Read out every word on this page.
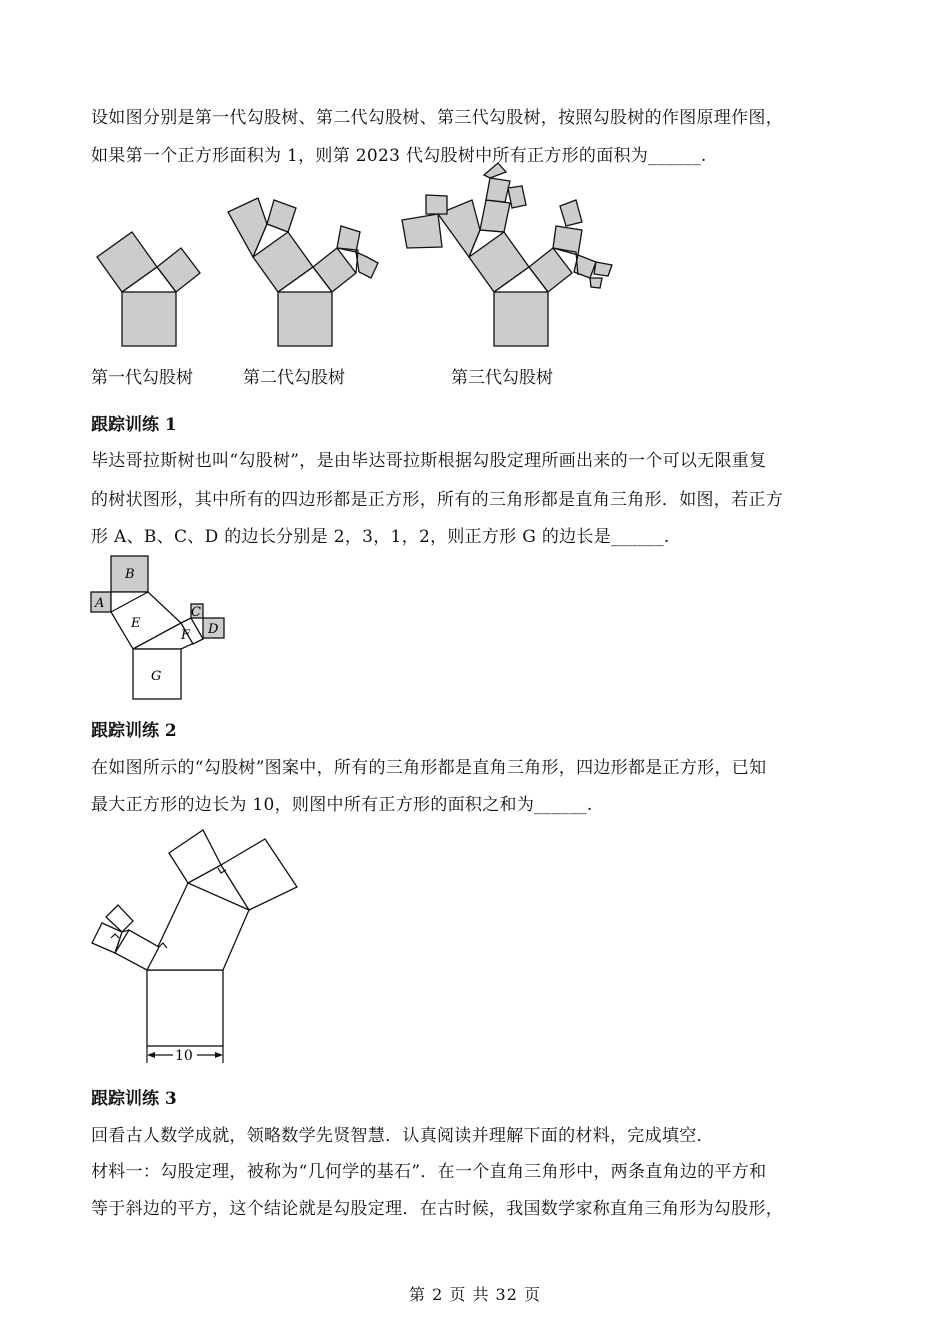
设如图分别是第一代勾股树、第二代勾股树、第三代勾股树，按照勾股树的作图原理作图，
如果第一个正方形面积为 1，则第 2023 代勾股树中所有正方形的面积为______.
第一代勾股树	第二代勾股树	第三代勾股树
跟踪训练 1
毕达哥拉斯树也叫“勾股树”，是由毕达哥拉斯根据勾股定理所画出来的一个可以无限重复
的树状图形，其中所有的四边形都是正方形，所有的三角形都是直角三角形．如图，若正方
形 A、B、C、D 的边长分别是 2，3，1，2，则正方形 G 的边长是______.
B
A
E
F
C
D
G
跟踪训练 2
在如图所示的“勾股树”图案中，所有的三角形都是直角三角形，四边形都是正方形，已知
最大正方形的边长为 10，则图中所有正方形的面积之和为______.
10
跟踪训练 3
回看古人数学成就，领略数学先贤智慧．认真阅读并理解下面的材料，完成填空．
材料一：勾股定理，被称为“几何学的基石”．在一个直角三角形中，两条直角边的平方和
等于斜边的平方，这个结论就是勾股定理．在古时候，我国数学家称直角三角形为勾股形，
第 2 页 共 32 页
